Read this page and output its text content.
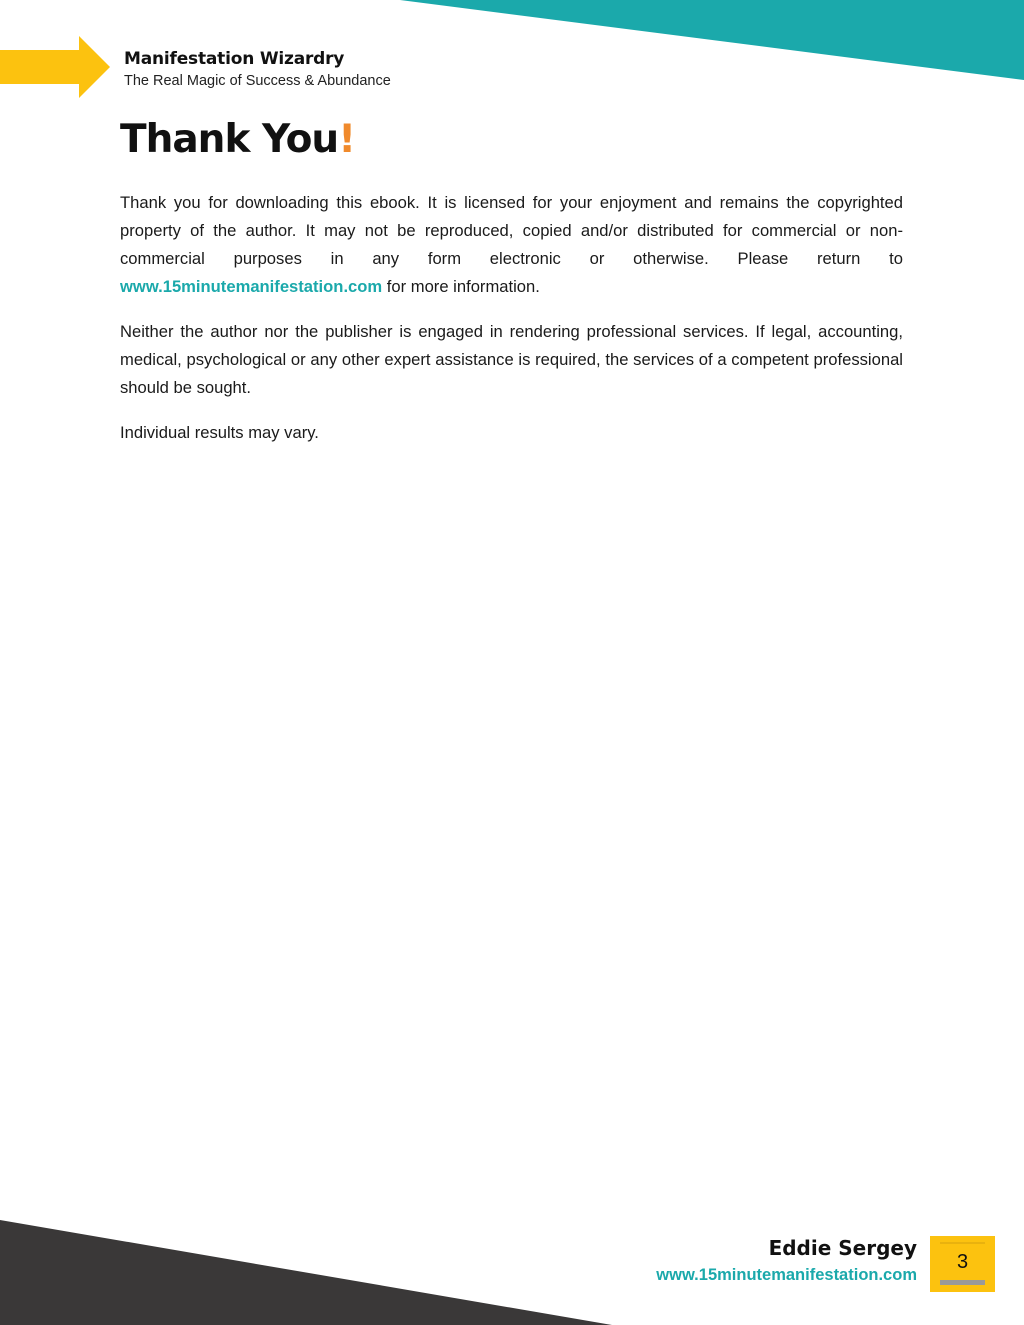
Manifestation Wizardry
The Real Magic of Success & Abundance
Thank You!

Thank you for downloading this ebook. It is licensed for your enjoyment and remains the copyrighted property of the author. It may not be reproduced, copied and/or distributed for commercial or non-commercial purposes in any form electronic or otherwise. Please return to www.15minutemanifestation.com for more information.

Neither the author nor the publisher is engaged in rendering professional services. If legal, accounting, medical, psychological or any other expert assistance is required, the services of a competent professional should be sought.

Individual results may vary.

Eddie Sergey
www.15minutemanifestation.com
3
